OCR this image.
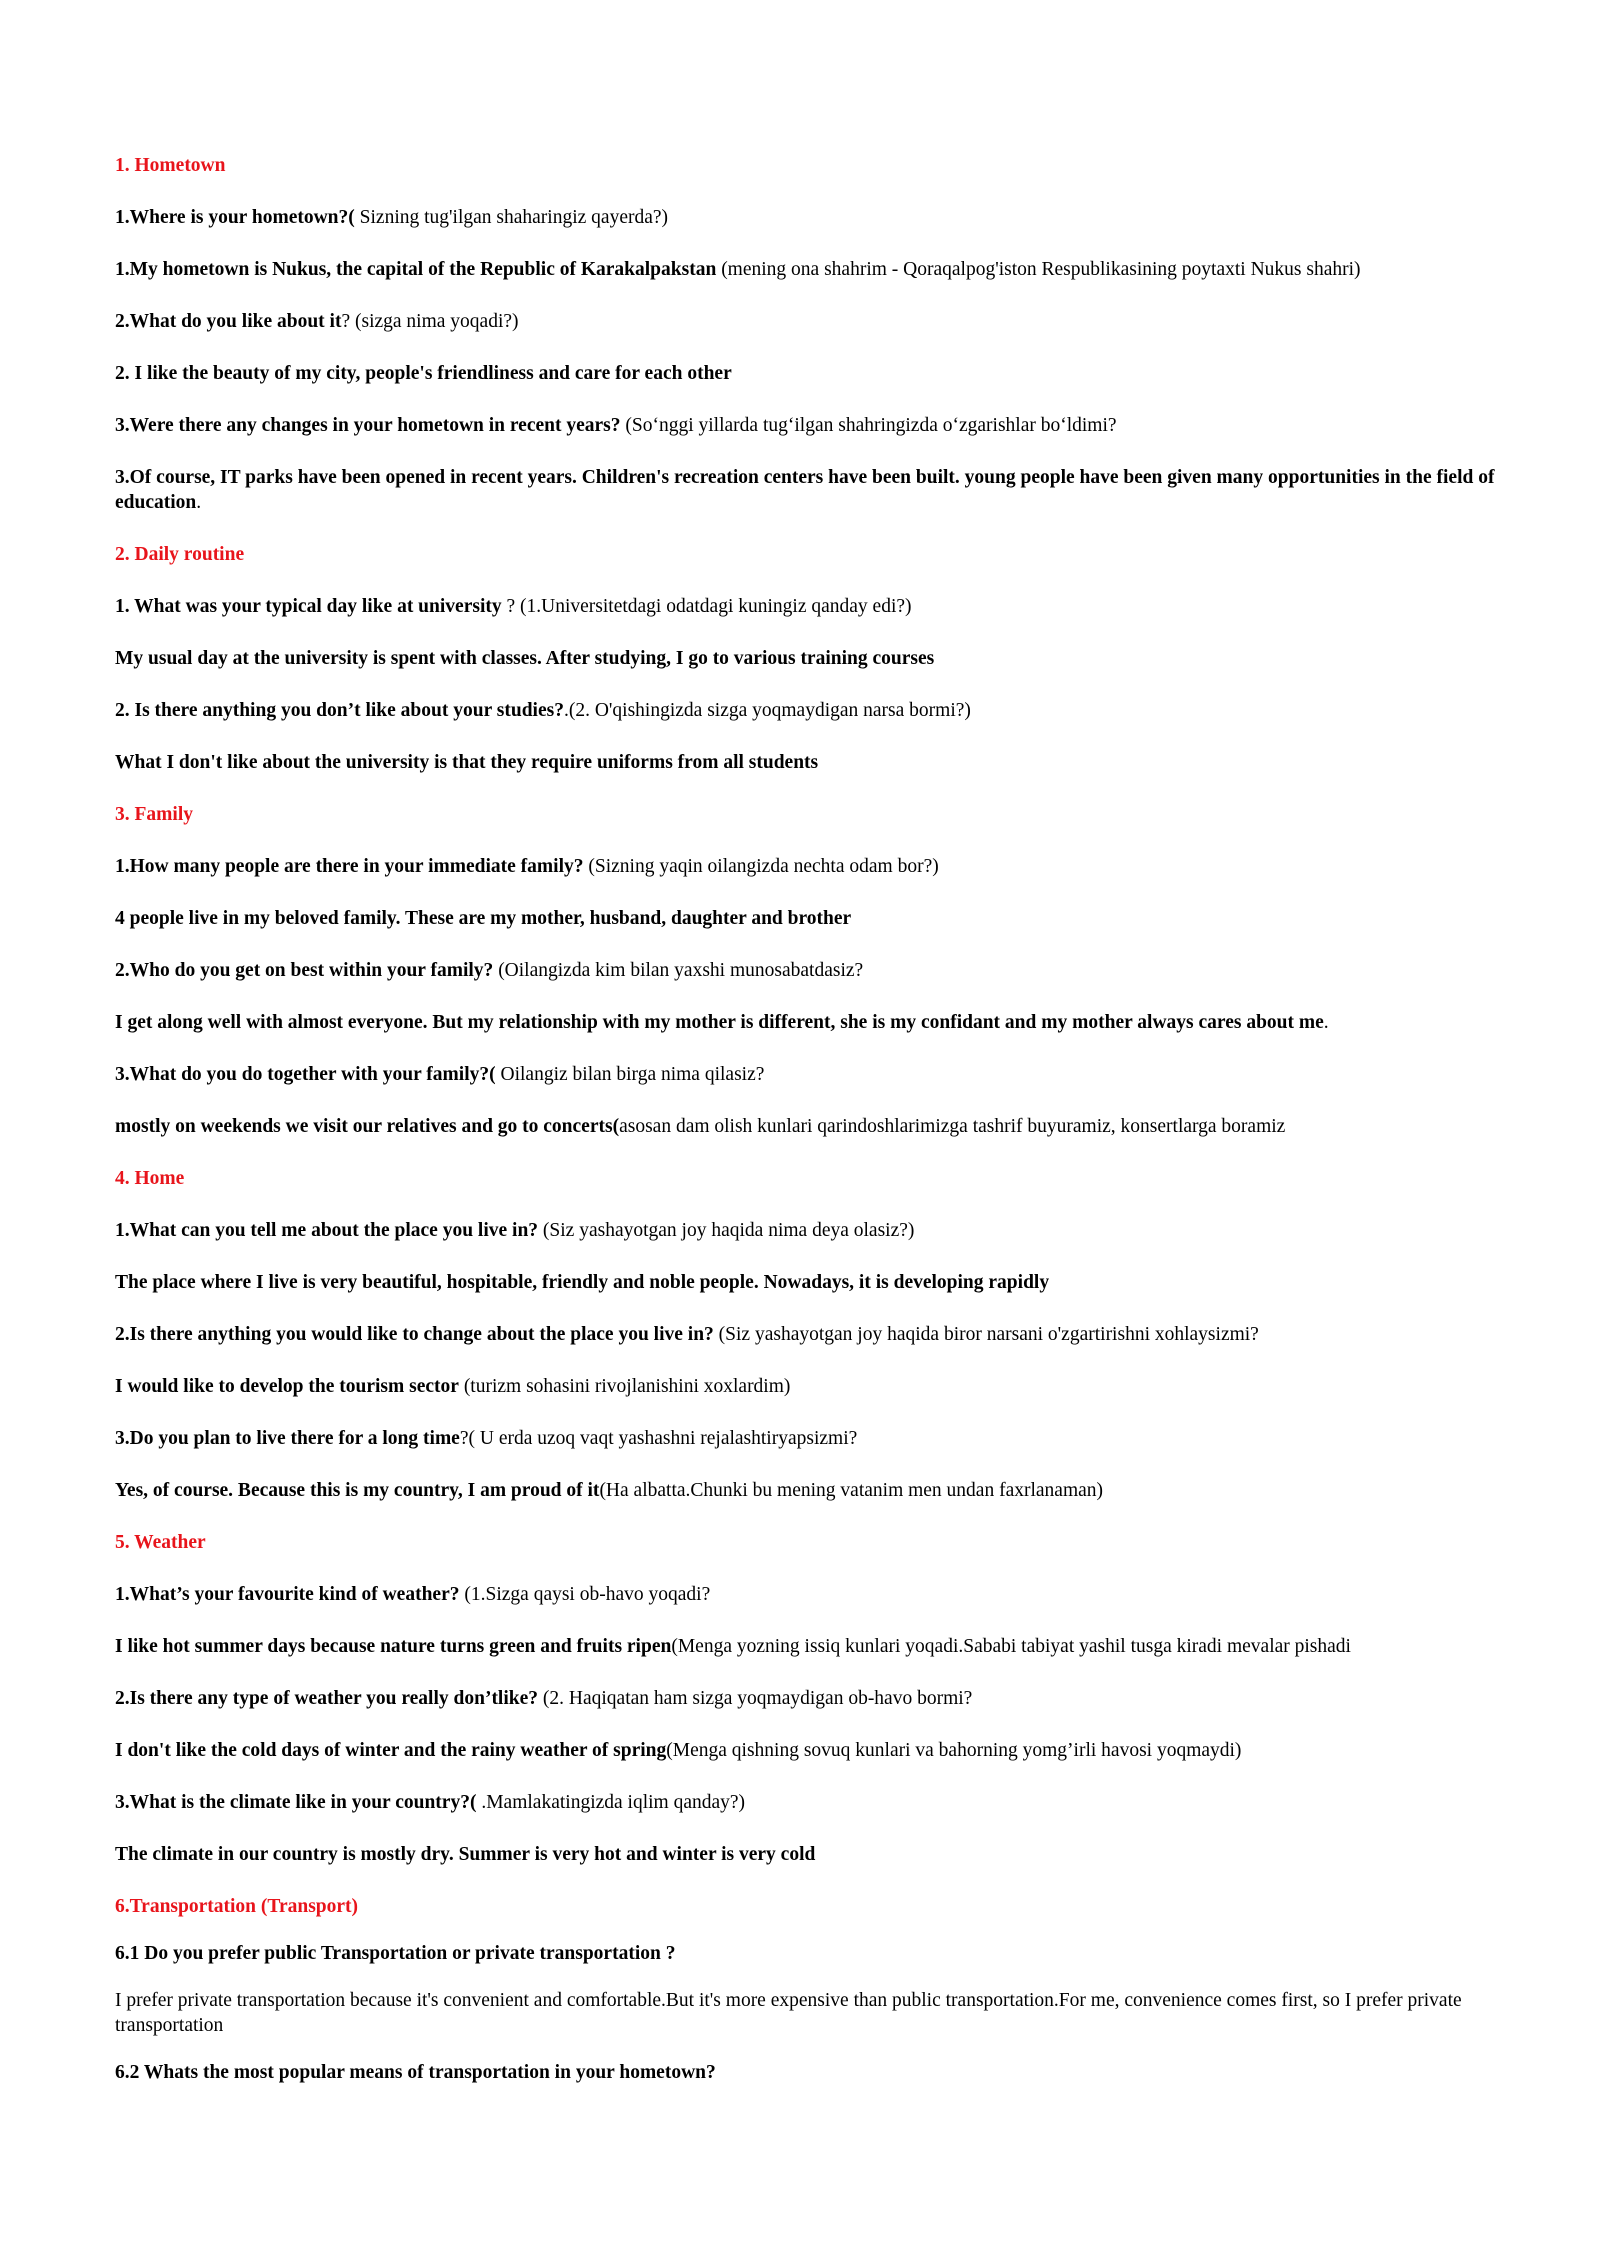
1. Hometown

1.Where is your hometown?( Sizning tug'ilgan shaharingiz qayerda?)

1.My hometown is Nukus, the capital of the Republic of Karakalpakstan (mening ona shahrim - Qoraqalpog'iston Respublikasining poytaxti Nukus shahri)

2.What do you like about it? (sizga nima yoqadi?)

2. I like the beauty of my city, people's friendliness and care for each other

3.Were there any changes in your hometown in recent years? (So‘nggi yillarda tug‘ilgan shahringizda o‘zgarishlar bo‘ldimi?

3.Of course, IT parks have been opened in recent years. Children's recreation centers have been built. young people have been given many opportunities in the field of education.

2. Daily routine

1. What was your typical day like at university ? (1.Universitetdagi odatdagi kuningiz qanday edi?)

My usual day at the university is spent with classes. After studying, I go to various training courses

2. Is there anything you don’t like about your studies?.(2. O'qishingizda sizga yoqmaydigan narsa bormi?)

What I don't like about the university is that they require uniforms from all students

3. Family

1.How many people are there in your immediate family? (Sizning yaqin oilangizda nechta odam bor?)

4 people live in my beloved family. These are my mother, husband, daughter and brother

2.Who do you get on best within your family? (Oilangizda kim bilan yaxshi munosabatdasiz?

I get along well with almost everyone. But my relationship with my mother is different, she is my confidant and my mother always cares about me.

3.What do you do together with your family?( Oilangiz bilan birga nima qilasiz?

mostly on weekends we visit our relatives and go to concerts(asosan dam olish kunlari qarindoshlarimizga tashrif buyuramiz, konsertlarga boramiz

4. Home

1.What can you tell me about the place you live in? (Siz yashayotgan joy haqida nima deya olasiz?)

The place where I live is very beautiful, hospitable, friendly and noble people. Nowadays, it is developing rapidly

2.Is there anything you would like to change about the place you live in? (Siz yashayotgan joy haqida biror narsani o'zgartirishni xohlaysizmi?

I would like to develop the tourism sector (turizm sohasini rivojlanishini xoxlardim)

3.Do you plan to live there for a long time?( U erda uzoq vaqt yashashni rejalashtiryapsizmi?

Yes, of course. Because this is my country, I am proud of it(Ha albatta.Chunki bu mening vatanim men undan faxrlanaman)

5. Weather

1.What’s your favourite kind of weather? (1.Sizga qaysi ob-havo yoqadi?

I like hot summer days because nature turns green and fruits ripen(Menga yozning issiq kunlari yoqadi.Sababi tabiyat yashil tusga kiradi mevalar pishadi

2.Is there any type of weather you really don’tlike? (2. Haqiqatan ham sizga yoqmaydigan ob-havo bormi?

I don't like the cold days of winter and the rainy weather of spring(Menga qishning sovuq kunlari va bahorning yomg’irli havosi yoqmaydi)

3.What is the climate like in your country?( .Mamlakatingizda iqlim qanday?)

The climate in our country is mostly dry. Summer is very hot and winter is very cold

6.Transportation (Transport)

6.1 Do you prefer public Transportation or private transportation ?

I prefer private transportation because it's convenient and comfortable.But it's more expensive than public transportation.For me, convenience comes first, so I prefer private transportation

6.2 Whats the most popular means of transportation in your hometown?
